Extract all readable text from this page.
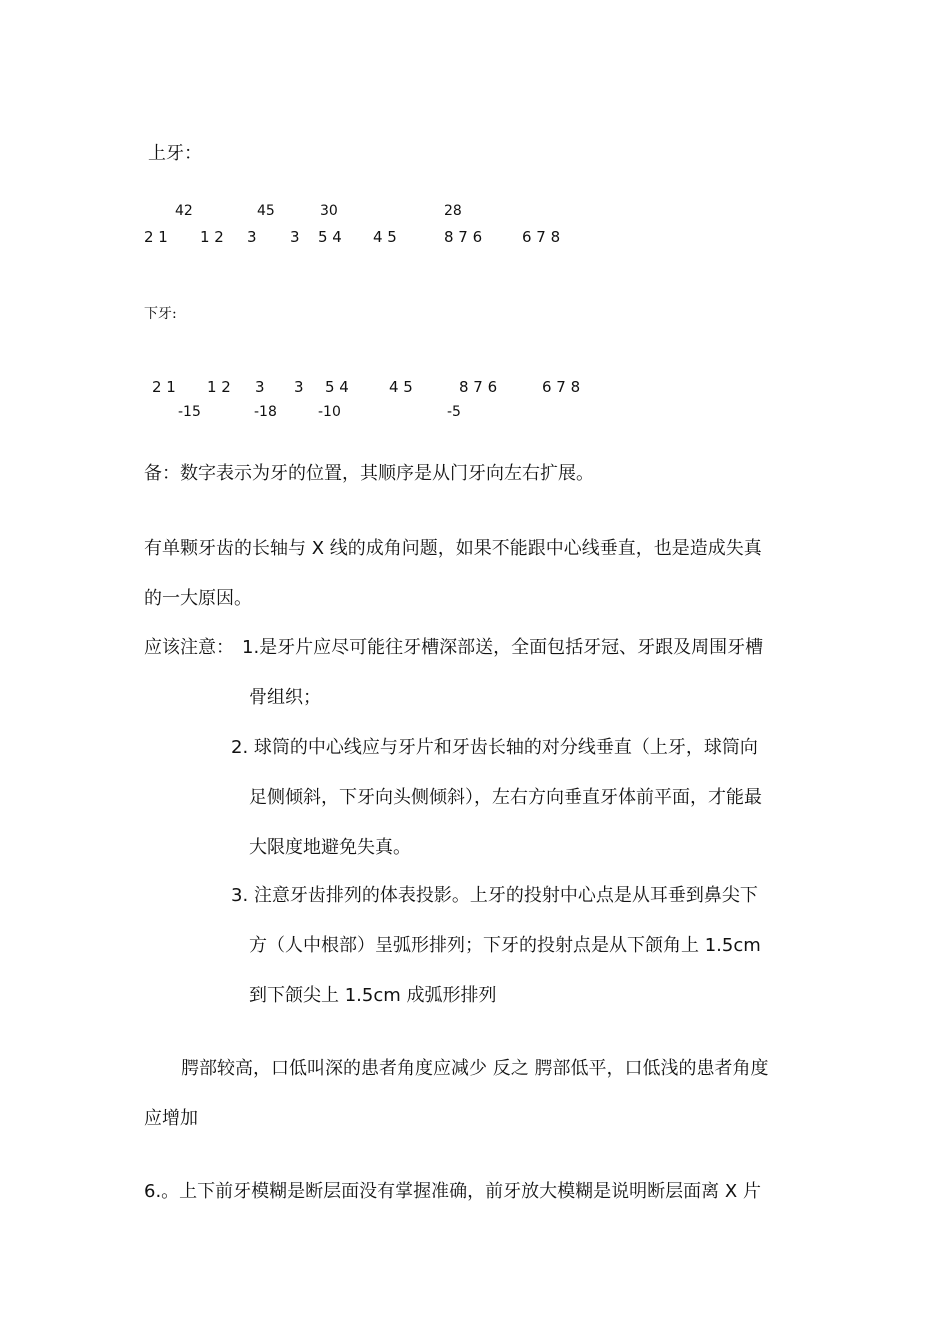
上牙：
42	45	30	28
2 1 1 2 3 3 5 4 4 5	8 7 6	6 7 8
下牙:
2 1 1 2 3 3 5 4	4 5	8 7 6	6 7 8
-15	-18	-10	-5
备：数字表示为牙的位置，其顺序是从门牙向左右扩展。
有单颗牙齿的长轴与 X 线的成角问题，如果不能跟中心线垂直，也是造成失真
的一大原因。
应该注意： 1.是牙片应尽可能往牙槽深部送，全面包括牙冠、牙跟及周围牙槽
骨组织；
2. 球筒的中心线应与牙片和牙齿长轴的对分线垂直（上牙，球筒向
足侧倾斜，下牙向头侧倾斜），左右方向垂直牙体前平面，才能最
大限度地避免失真。
3. 注意牙齿排列的体表投影。上牙的投射中心点是从耳垂到鼻尖下
方（人中根部）呈弧形排列；下牙的投射点是从下颌角上 1.5cm
到下颌尖上 1.5cm 成弧形排列
腭部较高，口低叫深的患者角度应减少 反之 腭部低平，口低浅的患者角度
应增加
6.。上下前牙模糊是断层面没有掌握准确，前牙放大模糊是说明断层面离 X 片
